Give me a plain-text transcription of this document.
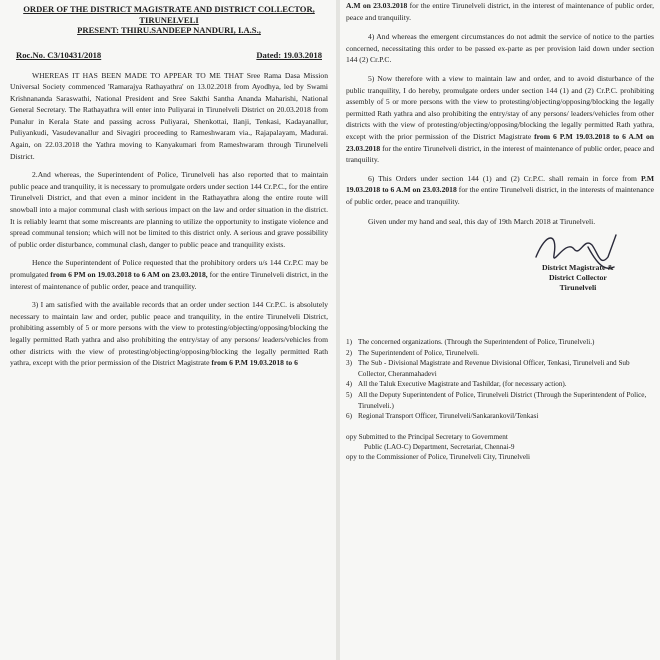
ORDER OF THE DISTRICT MAGISTRATE AND DISTRICT COLLECTOR,

TIRUNELVELI

PRESENT: THIRU.SANDEEP NANDURI, I.A.S.,

Roc.No. C3/10431/2018	Dated: 19.03.2018

WHEREAS IT HAS BEEN MADE TO APPEAR TO ME THAT Sree Rama Dasa Mission Universal Society commenced 'Ramarajya Rathayathra' on 13.02.2018 from Ayodhya, led by Swami Krishnananda Saraswathi, National President and Sree Sakthi Santha Ananda Maharishi, National General Secretary. The Rathayathra will enter into Puliyarai in Tirunelveli District on 20.03.2018 from Punalur in Kerala State and passing across Puliyarai, Shenkottai, Ilanji, Tenkasi, Kadayanallur, Puliyankudi, Vasudevanallur and Sivagiri proceeding to Rameshwaram via., Rajapalayam, Madurai. Again, on 22.03.2018 the Yathra moving to Kanyakumari from Rameshwaram through Tirunelveli District.

2.And whereas, the Superintendent of Police, Tirunelveli has also reported that to maintain public peace and tranquility, it is necessary to promulgate orders under section 144 Cr.P.C., for the entire Tirunelveli District, and that even a minor incident in the Rathayathra along the entire route will snowball into a major communal clash with serious impact on the law and order situation in the district. It is reliably learnt that some miscreants are planning to utilize the opportunity to instigate violence and spread communal tension; which will not be limited to this district only. A serious and grave possibility of public order disturbance, communal clash, danger to public peace and tranquility exists.

Hence the Superintendent of Police requested that the prohibitory orders u/s 144 Cr.P.C may be promulgated from 6 PM on 19.03.2018 to 6 AM on 23.03.2018, for the entire Tirunelveli district, in the interest of maintenance of public order, peace and tranquility.

3) I am satisfied with the available records that an order under section 144 Cr.P.C. is absolutely necessary to maintain law and order, public peace and tranquility, in the entire Tirunelveli District, prohibiting assembly of 5 or more persons with the view to protesting/objecting/opposing/blocking the legally permitted Rath yathra and also prohibiting the entry/stay of any persons/ leaders/vehicles from other districts with the view of protesting/objecting/opposing/blocking the legally permitted Rath yathra, except with the prior permission of the District Magistrate from 6 P.M 19.03.2018 to 6

A.M on 23.03.2018 for the entire Tirunelveli district, in the interest of maintenance of public order, peace and tranquility.

4) And whereas the emergent circumstances do not admit the service of notice to the parties concerned, necessitating this order to be passed ex-parte as per provision laid down under section 144 (2) Cr.P.C.

5) Now therefore with a view to maintain law and order, and to avoid disturbance of the public tranquility, I do hereby, promulgate orders under section 144 (1) and (2) Cr.P.C. prohibiting assembly of 5 or more persons with the view to protesting/objecting/opposing/blocking the legally permitted Rath yathra and also prohibiting the entry/stay of any persons/ leaders/vehicles from other districts with the view of protesting/objecting/opposing/blocking the legally permitted Rath yathra, except with the prior permission of the District Magistrate from 6 P.M 19.03.2018 to 6 A.M on 23.03.2018 for the entire Tirunelveli district, in the interest of maintenance of public order, peace and tranquility.

6) This Orders under section 144 (1) and (2) Cr.P.C. shall remain in force from P.M 19.03.2018 to 6 A.M on 23.03.2018 for the entire Tirunelveli district, in the interests of maintenance of public order, peace and tranquility.

Given under my hand and seal, this day of 19th March 2018 at Tirunelveli.

District Magistrate &
District Collector
Tirunelveli
1) The concerned organizations. (Through the Superintendent of Police, Tirunelveli.)
2) The Superintendent of Police, Tirunelveli.
3) The Sub - Divisional Magistrate and Revenue Divisional Officer, Tenkasi, Tirunelveli and Sub Collector, Cheranmahadevi
4) All the Taluk Executive Magistrate and Tashildar, (for necessary action).
5) All the Deputy Superintendent of Police, Tirunelveli District (Through the Superintendent of Police, Tirunelveli.)
6) Regional Transport Officer, Tirunelveli/Sankarankovil/Tenkasi
opy Submitted to the Principal Secretary to Government
Public (LAO-C) Department, Secretariat, Chennai-9
opy to the Commissioner of Police, Tirunelveli City, Tirunelveli
